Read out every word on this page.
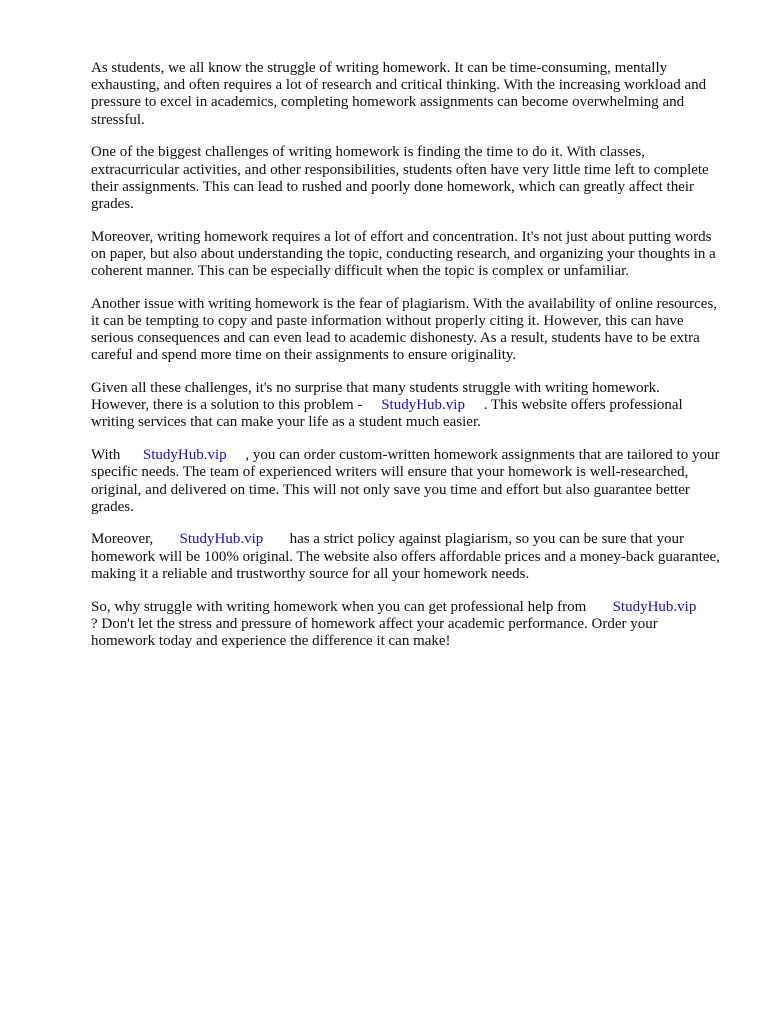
As students, we all know the struggle of writing homework. It can be time-consuming, mentally exhausting, and often requires a lot of research and critical thinking. With the increasing workload and pressure to excel in academics, completing homework assignments can become overwhelming and stressful.

One of the biggest challenges of writing homework is finding the time to do it. With classes, extracurricular activities, and other responsibilities, students often have very little time left to complete their assignments. This can lead to rushed and poorly done homework, which can greatly affect their grades.

Moreover, writing homework requires a lot of effort and concentration. It's not just about putting words on paper, but also about understanding the topic, conducting research, and organizing your thoughts in a coherent manner. This can be especially difficult when the topic is complex or unfamiliar.

Another issue with writing homework is the fear of plagiarism. With the availability of online resources, it can be tempting to copy and paste information without properly citing it. However, this can have serious consequences and can even lead to academic dishonesty. As a result, students have to be extra careful and spend more time on their assignments to ensure originality.

Given all these challenges, it's no surprise that many students struggle with writing homework. However, there is a solution to this problem -     StudyHub.vip     . This website offers professional writing services that can make your life as a student much easier.

With      StudyHub.vip     , you can order custom-written homework assignments that are tailored to your specific needs. The team of experienced writers will ensure that your homework is well-researched, original, and delivered on time. This will not only save you time and effort but also guarantee better grades.

Moreover,       StudyHub.vip       has a strict policy against plagiarism, so you can be sure that your homework will be 100% original. The website also offers affordable prices and a money-back guarantee, making it a reliable and trustworthy source for all your homework needs.

So, why struggle with writing homework when you can get professional help from       StudyHub.vip       ? Don't let the stress and pressure of homework affect your academic performance. Order your homework today and experience the difference it can make!
